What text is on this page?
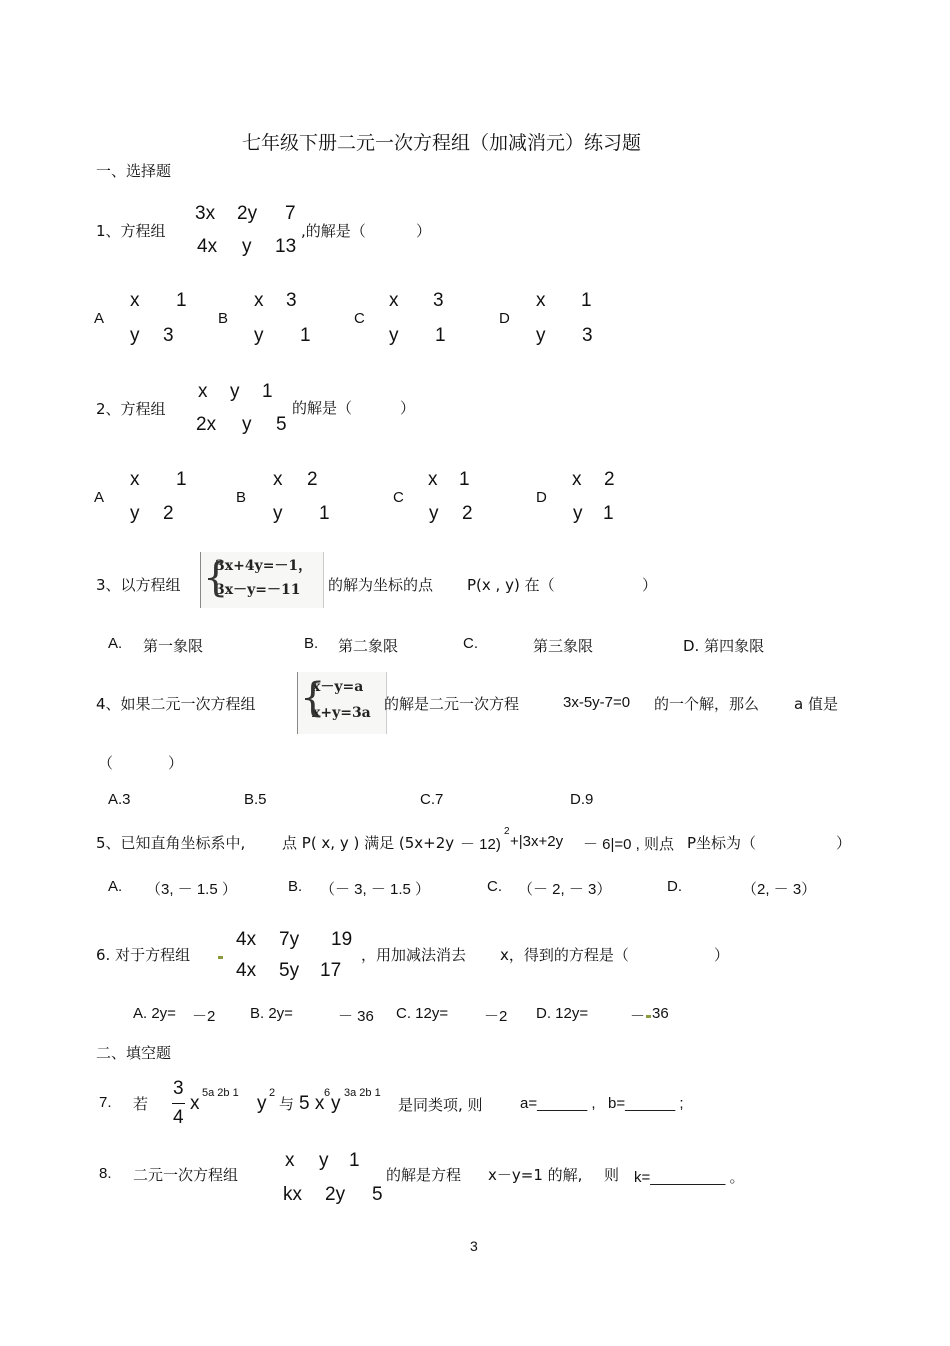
七年级下册二元一次方程组（加减消元）练习题
一、选择题
1、方程组
3x 2y 7
4x y 13
,的解是（	）
A
x 1
y 3
B
x 3
y 1
C
x 3
y 1
D
x 1
y 3
2、方程组
x y 1
2x y 5
的解是（	）
A
x 1
y 2
B
x 2
y 1
C
x 1
y 2
D
x 2
y 1
3、以方程组 {
3x+4y=－1，
3x－y=－11	的解为坐标的点 P(x , y) 在（	）
A. 第一象限	B. 第二象限	C.	第三象限	D. 第四象限
4、如果二元一次方程组 {
x－y=a
x+y=3a 的解是二元一次方程	3x-5y-7=0 的一个解，那么 a 值是
（	）
A.3	B.5	C.7	D.9
5、已知直角坐标系中, 点 P( x, y ) 满足 (5x+2y － 12)
2
+|3x+2y － 6|=0 , 则点 P坐标为（	）
A. （3, － 1.5 ）	B. （－ 3, － 1.5 ）	C. （－ 2, － 3）	D.	（2, － 3）
6. 对于方程组
4x 7y 19
4x 5y 17
，用加减法消去 x，得到的方程是（	）
A. 2y= －2 B. 2y=	－ 36 C. 12y= －2 D. 12y=	－ 36
二、填空题
7. 若
3
4
x 5a 2b 1 y 2
与 5 x 6 y 3a 2b 1
是同类项, 则 a=______ , b=______ ;
8. 二元一次方程组
x y 1
kx 2y 5
的解是方程 x－y=1 的解, 则 k=_________ 。
3
